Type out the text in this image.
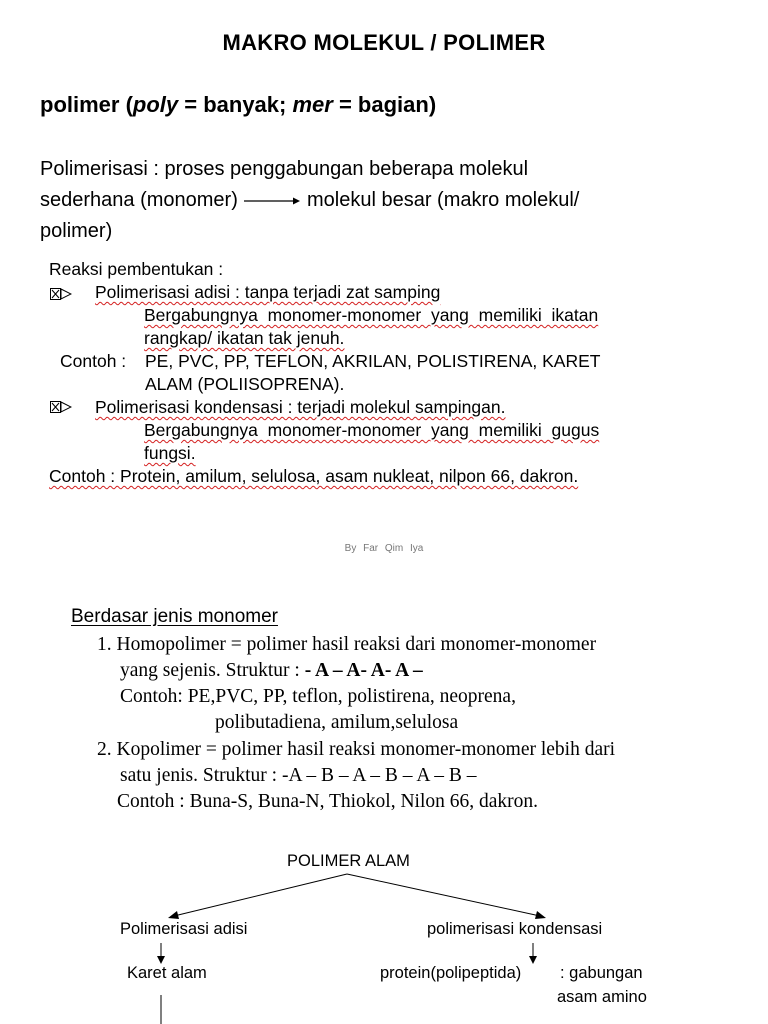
MAKRO MOLEKUL / POLIMER
polimer (poly = banyak; mer = bagian)
Polimerisasi : proses penggabungan beberapa molekul
sederhana (monomer)	molekul besar (makro molekul/
polimer)
Reaksi pembentukan :
Polimerisasi adisi : tanpa terjadi zat samping
Bergabungnya  monomer-monomer  yang  memiliki  ikatan
rangkap/ ikatan tak jenuh.
Contoh : PE, PVC, PP, TEFLON, AKRILAN, POLISTIRENA, KARET
ALAM (POLIISOPRENA).
Polimerisasi kondensasi : terjadi molekul sampingan.
Bergabungnya  monomer-monomer  yang  memiliki  gugus
fungsi.
Contoh : Protein, amilum, selulosa, asam nukleat, nilpon 66, dakron.
By Far Qim Iya
Berdasar jenis monomer
1. Homopolimer = polimer hasil reaksi dari monomer-monomer
yang sejenis. Struktur : - A – A- A- A –
Contoh: PE,PVC, PP, teflon, polistirena, neoprena,
polibutadiena, amilum,selulosa
2. Kopolimer = polimer hasil reaksi monomer-monomer lebih dari
satu jenis. Struktur : -A – B – A – B – A – B –
Contoh : Buna-S, Buna-N, Thiokol, Nilon 66, dakron.
POLIMER ALAM
Polimerisasi adisi	polimerisasi kondensasi
Karet alam	protein(polipeptida) : gabungan
asam amino
